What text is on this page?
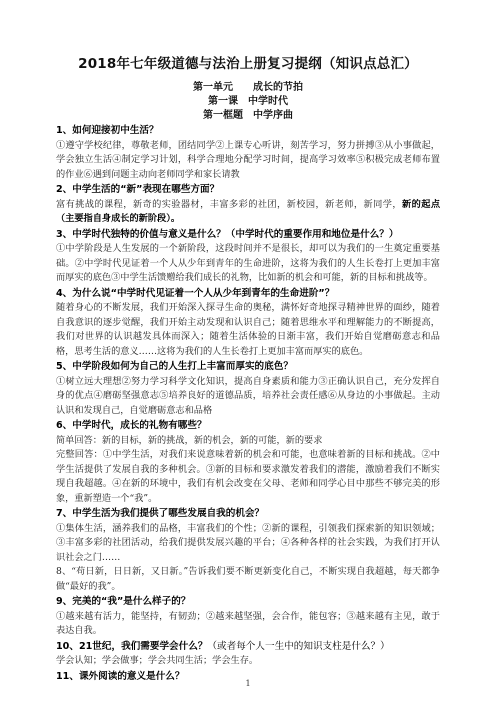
2018年七年级道德与法治上册复习提纲（知识点总汇）
第一单元　　成长的节拍
第一课　中学时代
第一框题　中学序曲
1、如何迎接初中生活？
①遵守学校纪律，尊敬老师，团结同学②上课专心听讲，刻苦学习，努力拼搏③从小事做起，学会独立生活④制定学习计划，科学合理地分配学习时间，提高学习效率⑤积极完成老师布置的作业⑥遇到问题主动向老师同学和家长请教
2、中学生活的“新”表现在哪些方面？
富有挑战的课程，新奇的实验器材，丰富多彩的社团，新校园，新老师，新同学，新的起点（主要指自身成长的新阶段）。
3、中学时代独特的价值与意义是什么？（中学时代的重要作用和地位是什么？）
①中学阶段是人生发展的一个新阶段，这段时间并不是很长，却可以为我们的一生奠定重要基础。②中学时代见证着一个人从少年到青年的生命进阶，这将为我们的人生长卷打上更加丰富而厚实的底色③中学生活馈赠给我们成长的礼物，比如新的机会和可能，新的目标和挑战等。
4、为什么说“中学时代见证着一个人从少年到青年的生命进阶”？
随着身心的不断发展，我们开始深入探寻生命的奥秘，满怀好奇地探寻精神世界的面纱，随着自我意识的逐步觉醒，我们开始主动发现和认识自己；随着思维水平和理解能力的不断提高，我们对世界的认识越发具体而深入；随着生活体验的日渐丰富，我们开始自觉磨砺意志和品格，思考生活的意义……这将为我们的人生长卷打上更加丰富而厚实的底色。
5、中学阶段如何为自己的人生打上丰富而厚实的底色？
①树立远大理想②努力学习科学文化知识，提高自身素质和能力③正确认识自己，充分发挥自身的优点④磨砺坚强意志⑤培养良好的道德品质，培养社会责任感⑥从身边的小事做起。主动认识和发现自己，自觉磨砺意志和品格
6、中学时代，成长的礼物有哪些？
简单回答：新的目标，新的挑战，新的机会，新的可能，新的要求
完整回答：①中学生活，对我们来说意味着新的机会和可能，也意味着新的目标和挑战。②中学生活提供了发展自我的多种机会。③新的目标和要求激发着我们的潜能，激励着我们不断实现自我超越。④在新的环境中，我们有机会改变在父母、老师和同学心目中那些不够完美的形象，重新塑造一个“我”。
7、中学生活为我们提供了哪些发展自我的机会？
①集体生活，涵养我们的品格，丰富我们的个性；②新的课程，引领我们探索新的知识领域；③丰富多彩的社团活动，给我们提供发展兴趣的平台；④各种各样的社会实践，为我们打开认识社会之门……
8、“苟日新，日日新，又日新。”告诉我们要不断更新变化自己，不断实现自我超越，每天都争做“最好的我”。
9、完美的“我”是什么样子的？
①越来越有活力，能坚持，有韧劲；②越来越坚强，会合作，能包容；③越来越有主见，敢于表达自我。
10、21世纪，我们需要学会什么？（或者每个人一生中的知识支柱是什么？）
学会认知；学会做事；学会共同生活；学会生存。
11、课外阅读的意义是什么？
1
